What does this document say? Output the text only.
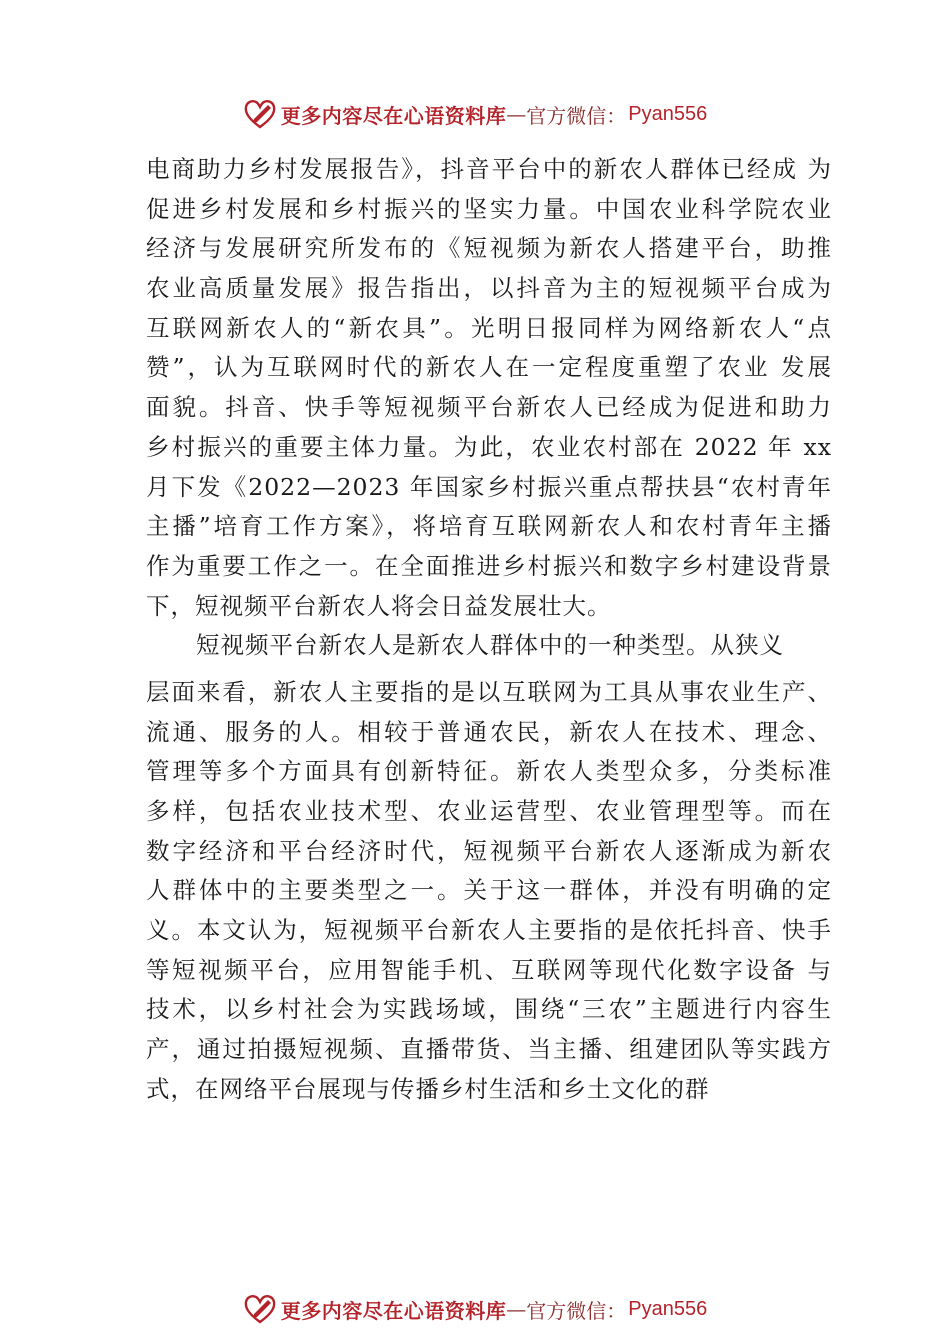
更多内容尽在心语资料库 — 官方微信： Pyan556
电商助力乡村发展报告》，抖音平台中的新农人群体已经成 为
促进乡村发展和乡村振兴的坚实力量。中国农业科学院农业
经济与发展研究所发布的《短视频为新农人搭建平台，助推
农业高质量发展》报告指出，以抖音为主的短视频平台成为
互联网新农人的“新农具”。光明日报同样为网络新农人“点
赞”，认为互联网时代的新农人在一定程度重塑了农业 发展
面貌。抖音、快手等短视频平台新农人已经成为促进和助力
乡村振兴的重要主体力量。为此，农业农村部在 2022 年 xx
月下发《2022—2023 年国家乡村振兴重点帮扶县“农村青年
主播”培育工作方案》，将培育互联网新农人和农村青年主播
作为重要工作之一。在全面推进乡村振兴和数字乡村建设背景
下，短视频平台新农人将会日益发展壮大。
短视频平台新农人是新农人群体中的一种类型。从狭义
层面来看，新农人主要指的是以互联网为工具从事农业生产、
流通、服务的人。相较于普通农民，新农人在技术、理念、
管理等多个方面具有创新特征。新农人类型众多，分类标准
多样，包括农业技术型、农业运营型、农业管理型等。而在
数字经济和平台经济时代，短视频平台新农人逐渐成为新农
人群体中的主要类型之一。关于这一群体，并没有明确的定
义。本文认为，短视频平台新农人主要指的是依托抖音、快手
等短视频平台，应用智能手机、互联网等现代化数字设备 与
技术，以乡村社会为实践场域，围绕“三农”主题进行内容生
产，通过拍摄短视频、直播带货、当主播、组建团队等实践方
式，在网络平台展现与传播乡村生活和乡土文化的群
更多内容尽在心语资料库 — 官方微信： Pyan556
